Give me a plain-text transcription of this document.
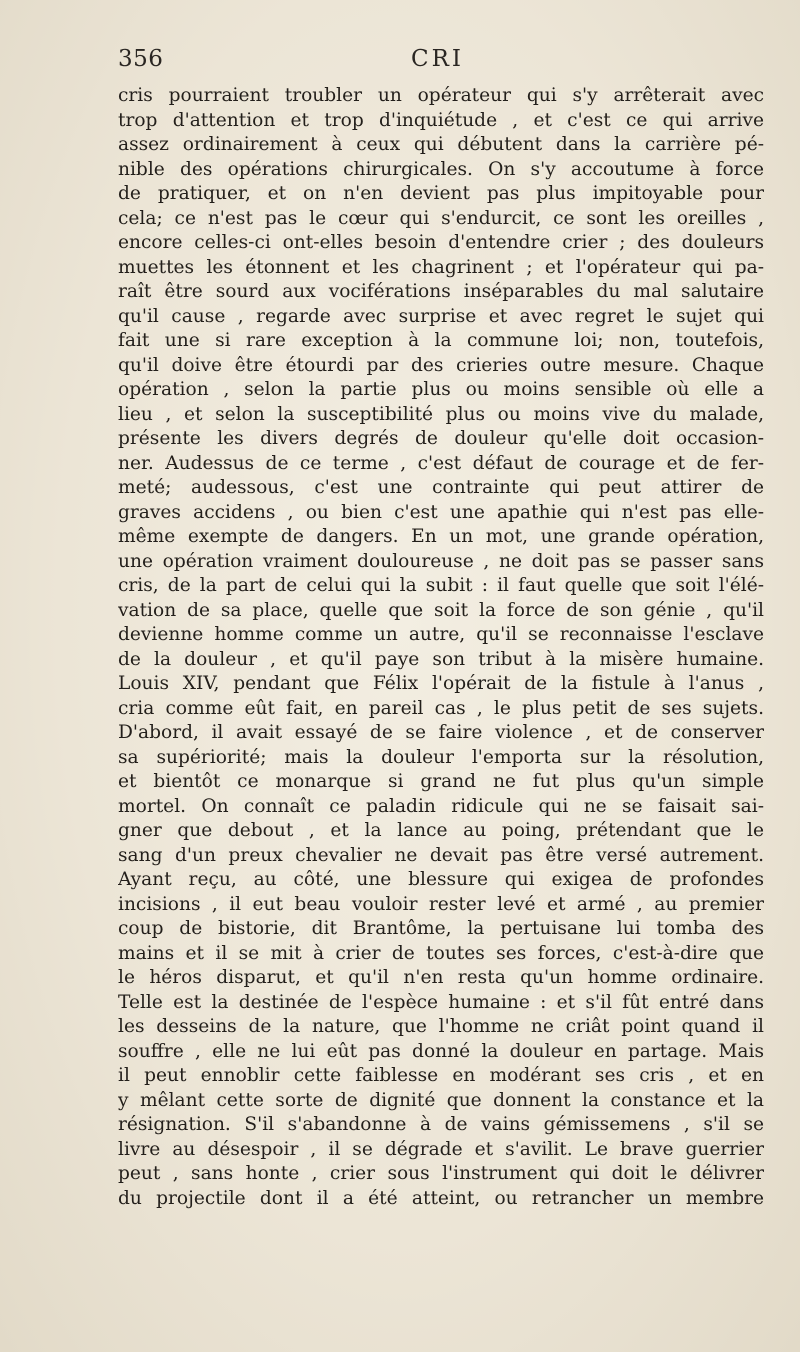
356	CRI
cris pourraient troubler un opérateur qui s'y arrêterait avec
trop d'attention et trop d'inquiétude , et c'est ce qui arrive
assez ordinairement à ceux qui débutent dans la carrière pé-
nible des opérations chirurgicales. On s'y accoutume à force
de pratiquer, et on n'en devient pas plus impitoyable pour
cela; ce n'est pas le cœur qui s'endurcit, ce sont les oreilles ,
encore celles-ci ont-elles besoin d'entendre crier ; des douleurs
muettes les étonnent et les chagrinent ; et l'opérateur qui pa-
raît être sourd aux vociférations inséparables du mal salutaire
qu'il cause , regarde avec surprise et avec regret le sujet qui
fait une si rare exception à la commune loi; non, toutefois,
qu'il doive être étourdi par des crieries outre mesure. Chaque
opération , selon la partie plus ou moins sensible où elle a
lieu , et selon la susceptibilité plus ou moins vive du malade,
présente les divers degrés de douleur qu'elle doit occasion-
ner. Audessus de ce terme , c'est défaut de courage et de fer-
meté; audessous, c'est une contrainte qui peut attirer de
graves accidens , ou bien c'est une apathie qui n'est pas elle-
même exempte de dangers. En un mot, une grande opération,
une opération vraiment douloureuse , ne doit pas se passer sans
cris, de la part de celui qui la subit : il faut quelle que soit l'élé-
vation de sa place, quelle que soit la force de son génie , qu'il
devienne homme comme un autre, qu'il se reconnaisse l'esclave
de la douleur , et qu'il paye son tribut à la misère humaine.
Louis XIV, pendant que Félix l'opérait de la fistule à l'anus ,
cria comme eût fait, en pareil cas , le plus petit de ses sujets.
D'abord, il avait essayé de se faire violence , et de conserver
sa supériorité; mais la douleur l'emporta sur la résolution,
et bientôt ce monarque si grand ne fut plus qu'un simple
mortel. On connaît ce paladin ridicule qui ne se faisait sai-
gner que debout , et la lance au poing, prétendant que le
sang d'un preux chevalier ne devait pas être versé autrement.
Ayant reçu, au côté, une blessure qui exigea de profondes
incisions , il eut beau vouloir rester levé et armé , au premier
coup de bistorie, dit Brantôme, la pertuisane lui tomba des
mains et il se mit à crier de toutes ses forces, c'est-à-dire que
le héros disparut, et qu'il n'en resta qu'un homme ordinaire.
Telle est la destinée de l'espèce humaine : et s'il fût entré dans
les desseins de la nature, que l'homme ne criât point quand il
souffre , elle ne lui eût pas donné la douleur en partage. Mais
il peut ennoblir cette faiblesse en modérant ses cris , et en
y mêlant cette sorte de dignité que donnent la constance et la
résignation. S'il s'abandonne à de vains gémissemens , s'il se
livre au désespoir , il se dégrade et s'avilit. Le brave guerrier
peut , sans honte , crier sous l'instrument qui doit le délivrer
du projectile dont il a été atteint, ou retrancher un membre
